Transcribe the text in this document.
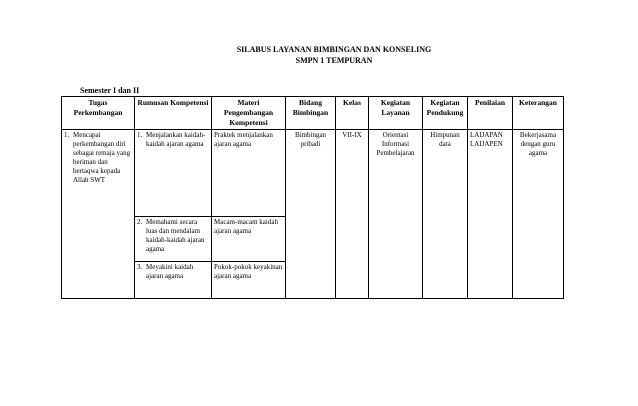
SILABUS LAYANAN BIMBINGAN DAN KONSELING
SMPN 1 TEMPURAN
Semester I dan II
Tugas Perkembangan	Rumusan Kompetensi	Materi Pengembangan Kompetensi	Bidang Bimbingan	Kelas	Kegiatan Layanan	Kegiatan Pendukung	Penilaian	Keterangan

1. Mencapai perkembangan diri sebagai remaja yang beriman dan bertaqwa kepada Allah SWT	1. Menjalankan kaidah-kaidah ajaran agama	Praktek menjalankan ajaran agama	Bimbingan pribadi	VII-IX	Orientasi Informasi Pembelajaran	Himpunan data	LAIJAPAN LAIJAPEN	Bekerjasama dengan guru agama

	2. Memahami secara luas dan mendalam kaidah-kaidah ajaran agama	Macam-macam kaidah ajaran agama						

	3. Meyakini kaidah ajaran agama	Pokok-pokok keyakinan ajaran agama						
